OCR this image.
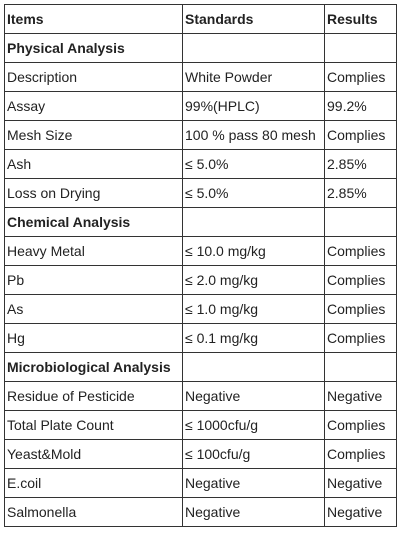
Items	Standards	Results
Physical Analysis		
Description	White Powder	Complies
Assay	99%(HPLC)	99.2%
Mesh Size	100 % pass 80 mesh	Complies
Ash	≤ 5.0%	2.85%
Loss on Drying	≤ 5.0%	2.85%
Chemical Analysis		
Heavy Metal	≤ 10.0 mg/kg	Complies
Pb	≤ 2.0 mg/kg	Complies
As	≤ 1.0 mg/kg	Complies
Hg	≤ 0.1 mg/kg	Complies
Microbiological Analysis		
Residue of Pesticide	Negative	Negative
Total Plate Count	≤ 1000cfu/g	Complies
Yeast&Mold	≤ 100cfu/g	Complies
E.coil	Negative	Negative
Salmonella	Negative	Negative
